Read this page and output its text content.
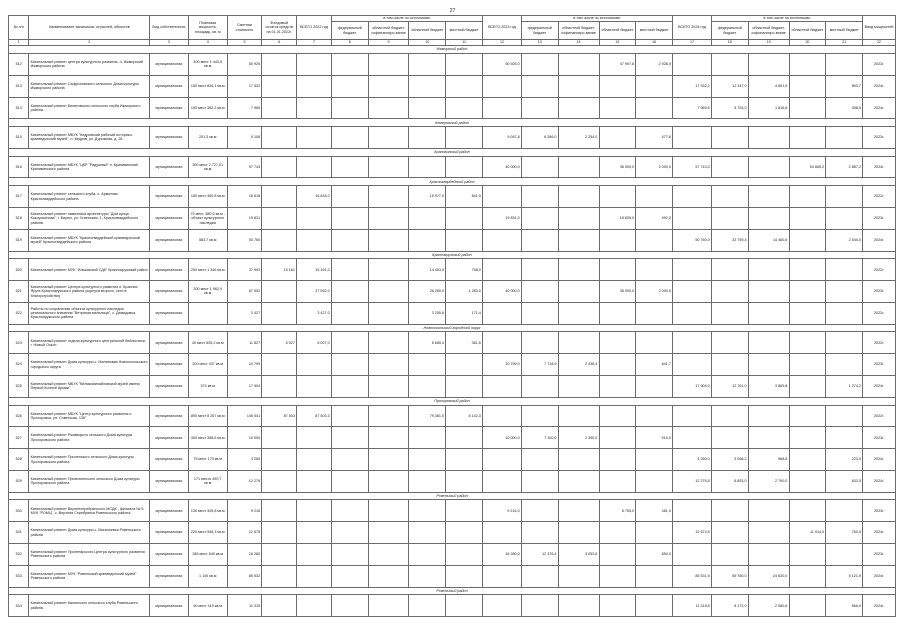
27
№ п/п	Наименование заказчиков, отраслей, объектов	Вид собственности	Плановая мощность, площадь, кв. м	Сметная стоимость	Фондовый остаток средств на 01.01.2022г.	ВСЕГО 2022 год	в том числе по источникам:				ВСЕГО 2023 год	в том числе по источникам:				ВСЕГО 2024 год	в том числе по источникам:				Ввод мощностей
							федеральный бюджет	областной бюджет, софинансиро-вание	областной бюджет	местный бюджет		федеральный бюджет	областной бюджет, софинансиро-вание	областной бюджет	местный бюджет		федеральный бюджет	областной бюджет, софинансиро-вание	областной бюджет	местный бюджет	
1	2	3	4	5	6	7	8	9	10	11	12	13	14	15	16	17	18	19	20	21	22
Ижморский район																					
512	Капитальный ремонт центра культурного развития, п. Ижморский Ижморского района	муниципальная	400 мест 1 443,9 кв.м	50 925							50 925,0			47 997,8	2 928,0						2023г.
513	Капитальный ремонт Сафроновского сельского Дома культуры Ижморского района	муниципальная	150 мест 826,1 кв.м	17 932												17 932,2	12 347,0	4 691,5		893,7	2024г.
514	Капитальный ремонт Бекетовского сельского клуба Ижморского района	муниципальная	100 мест 362,2 кв.м	7 969												7 969,5	5 753,0	1 816,8		398,5	2024г.
Кемеровский район																					
515	Капитальный ремонт МБУК "Кедровский рабочий историко-краеведческий музей", п. Кедров, ул. Дорожная, д. 28	муниципальная	251,3 кв.м	9 108							9 087,8	6 356,0	2 254,0		477,8						2023г.
Крапивинский район																					
516	Капитальный ремонт МБУК "ЦКР "Радужный" п. Крапивинский Крапивинского района	муниципальная	300 мест 2 727,01 кв.м	97 743							40 000,0			38 000,0	2 000,0	57 743,0			54 865,2	2 887,2	2024г.
Красногвардейский район																					
517	Капитальный ремонт сельского клуба, с. Арматово Красногвардейского района	муниципальная	180 мест 460,8 кв.м	16 818		16 818,0			15 977,0	841,0											2022г.
518	Капитальный ремонт памятника архитектуры "Дом купца Кокоульинова", г. Бирюч, ул. Успенская, 1, Красногвардейского района	муниципальная	79 мест, 580,5 кв.м - объект культурного наследия	19 831							19 831,0			18 839,0	992,0						2023г.
519	Капитальный ремонт МБУК "Красногвардейский краеведческий музей" Красногвардейского района	муниципальная	583,7 кв.м	50 760												50 760,0	33 759,4	14 460,6		2 540,0	2024г.
Краснояружский район																					
520	Капитальный ремонт МУК "Ильковский СДК" Краснояружский район	муниципальная	250 мест 1 346 кв.м	37 993	15 161	15 161,0			14 403,0	758,0											2022г.
521	Капитальный ремонт Центра культурного развития п. Красная Яруга Краснояружского района (корпуса второго, сети в благоустройство)	муниципальная	300 мест 1 962,9 кв.м	67 552		27 552,0			26 269,0	1 283,0	40 000,0			38 000,0	2 000,0						2023г.
522	Работы по сохранению объекта культурного наследия регионального значения "Ветряная мельница", с. Демидовка Краснояружского района	муниципальная		3 427		3 427,0			3 255,6	171,4											2022г.
Новооскольский городской округ																					
523	Капитальный ремонт отдела культурного центральной библиотеки, г. Новый Оскол	муниципальная	40 мест 505,2 кв.м	11 827	5 027	6 027,0			5 665,4	361,6											2022г.
524	Капитальный ремонт Дома культуры с. Малиновка Новооскольского городского округа	муниципальная	200 мест 437 кв.м	10 799							10 799,0	7 718,9	2 438,4		641,7						2023г.
525	Капитальный ремонт МБУК "Великомихайловский музей имени Первой Конной Армии"	муниципальная	374 кв.м	17 904												17 904,0	12 761,0	3 869,8		1 274,2	2024г.
Прохоровский район																					
526	Капитальный ремонт МБУК "Центр культурного развития п. Прохоровка, ул. Советская, 138"	муниципальная	890 мест 8 267 кв.м	146 541	87 503	87 503,3			79 361,0	8 142,3											2022г.
527	Капитальный ремонт Ржавецкого сельского Дома культуры Прохоровского района	муниципальная	300 мест 388,6 кв.м	10 000							10 000,0	7 100,0	2 390,0		510,0						2023г.
528	Капитальный ремонт Прилепского сельского Дома культуры Прохоровского района	муниципальная	75 мест 170 кв.м	4 260												4 260,0	3 068,2	968,8		223,0	2024г.
529	Капитальный ремонт Призначенского сельского Дома культуры Прохоровского района	муниципальная	171 место 490,7 кв.м	12 276												12 276,5	8 853,0	2 790,0		633,5	2024г.
Ровеньский район																					
530	Капитальный ремонт Верхнесеребрянского МСДК - филиала № 5 МУК "РОМЦ", с. Верхняя Серебрянка Ровеньского района	муниципальная	130 мест 305,8 кв.м	9 216							9 216,0			8 755,0	461,0						2023г.
531	Капитальный ремонт Дома культуры с. Васильевка Ровеньского района	муниципальная	220 мест 558,3 кв.м	12 675												12 674,5			11 914,0	760,5	2024г.
532	Капитальный ремонт Пролетарского Центра культурного развития Ровеньского района	муниципальная	286 мест 640 кв.м	16 280							16 280,0	12 376,4	3 053,6		850,0						2023г.
533	Капитальный ремонт МУК "Ровеньский краеведческий музей" Ровеньского района	муниципальная	1 140 кв.м	85 532												85 531,9	55 780,0	24 630,0		5 121,9	2024г.
Ровеньский район																					
534	Капитальный ремонт Калинского сельского клуба Ровеньского района	муниципальная	60 мест 419 кв.м	11 319												11 318,6	8 172,0	2 580,6		566,0	2024г.
